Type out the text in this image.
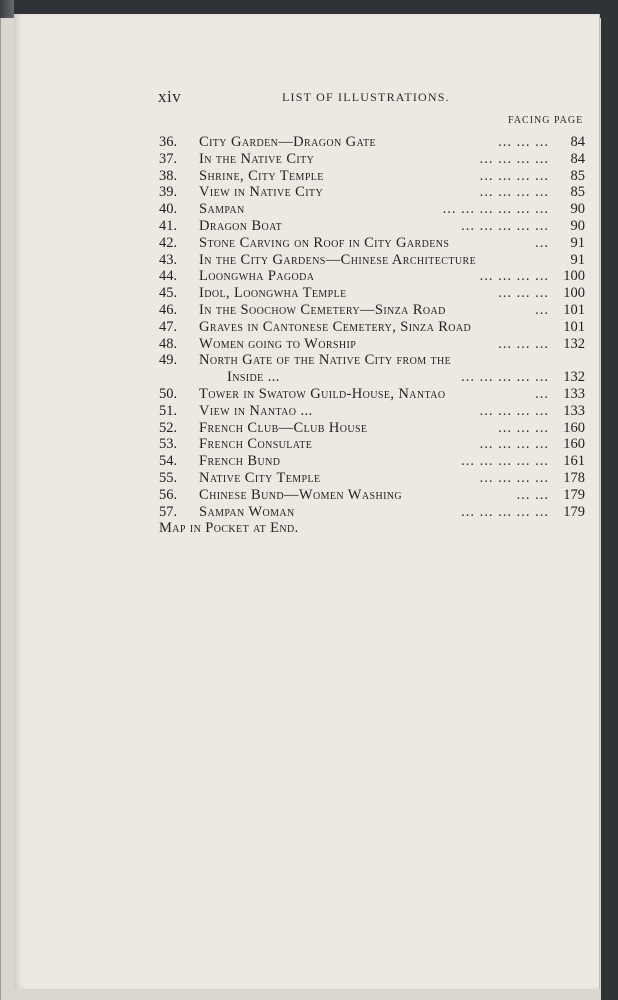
xiv	LIST OF ILLUSTRATIONS.
FACING PAGE
36.	City Garden—Dragon Gate	... ... ...	84
37.	In the Native City	... ... ... ...	84
38.	Shrine, City Temple	... ... ... ...	85
39.	View in Native City	... ... ... ...	85
40.	Sampan	... ... ... ... ... ...	90
41.	Dragon Boat	... ... ... ... ...	90
42.	Stone Carving on Roof in City Gardens	...	91
43.	In the City Gardens—Chinese Architecture	91
44.	Loongwha Pagoda	... ... ... ... 100
45.	Idol, Loongwha Temple	... ... ... 100
46.	In the Soochow Cemetery—Sinza Road	... 101
47.	Graves in Cantonese Cemetery, Sinza Road	101
48.	Women going to Worship	... ... ... 132
49.	North Gate of the Native City from the
Inside ...	... ... ... ... ... 132
50.	Tower in Swatow Guild-House, Nantao	... 133
51.	View in Nantao ...	... ... ... ... 133
52.	French Club—Club House	... ... ... 160
53.	French Consulate	... ... ... ... 160
54.	French Bund	... ... ... ... ... 161
55.	Native City Temple	... ... ... ... 178
56.	Chinese Bund—Women Washing	... ... 179
57.	Sampan Woman	... ... ... ... ... 179
Map in Pocket at End.
